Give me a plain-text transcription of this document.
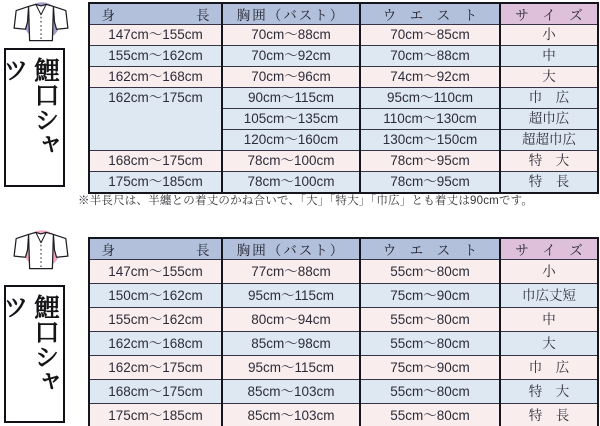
鯉口シャツ
鯉口シャツ
身　　　　　　長	胸囲（バスト）	ウ　エ　ス　ト	サ　イ　ズ
147cm～155cm	70cm～88cm	70cm～85cm	小
155cm～162cm	70cm～92cm	70cm～88cm	中
162cm～168cm	70cm～96cm	74cm～92cm	大
162cm～175cm	90cm～115cm	95cm～110cm	巾　広
	105cm～135cm	110cm～130cm	超巾広
	120cm～160cm	130cm～150cm	超超巾広
168cm～175cm	78cm～100cm	78cm～95cm	特　大
175cm～185cm	78cm～100cm	78cm～95cm	特　長

※半長尺は、半纏との着丈のかね合いで、「大」「特大」「巾広」とも着丈は90cmです。

身　　　　　　長	胸囲（バスト）	ウ　エ　ス　ト	サ　イ　ズ
147cm～155cm	77cm～88cm	55cm～80cm	小
150cm～162cm	95cm～115cm	75cm～90cm	巾広丈短
155cm～162cm	80cm～94cm	55cm～80cm	中
162cm～168cm	85cm～98cm	55cm～80cm	大
162cm～175cm	95cm～115cm	75cm～90cm	巾　広
168cm～175cm	85cm～103cm	55cm～80cm	特　大
175cm～185cm	85cm～103cm	55cm～80cm	特　長
